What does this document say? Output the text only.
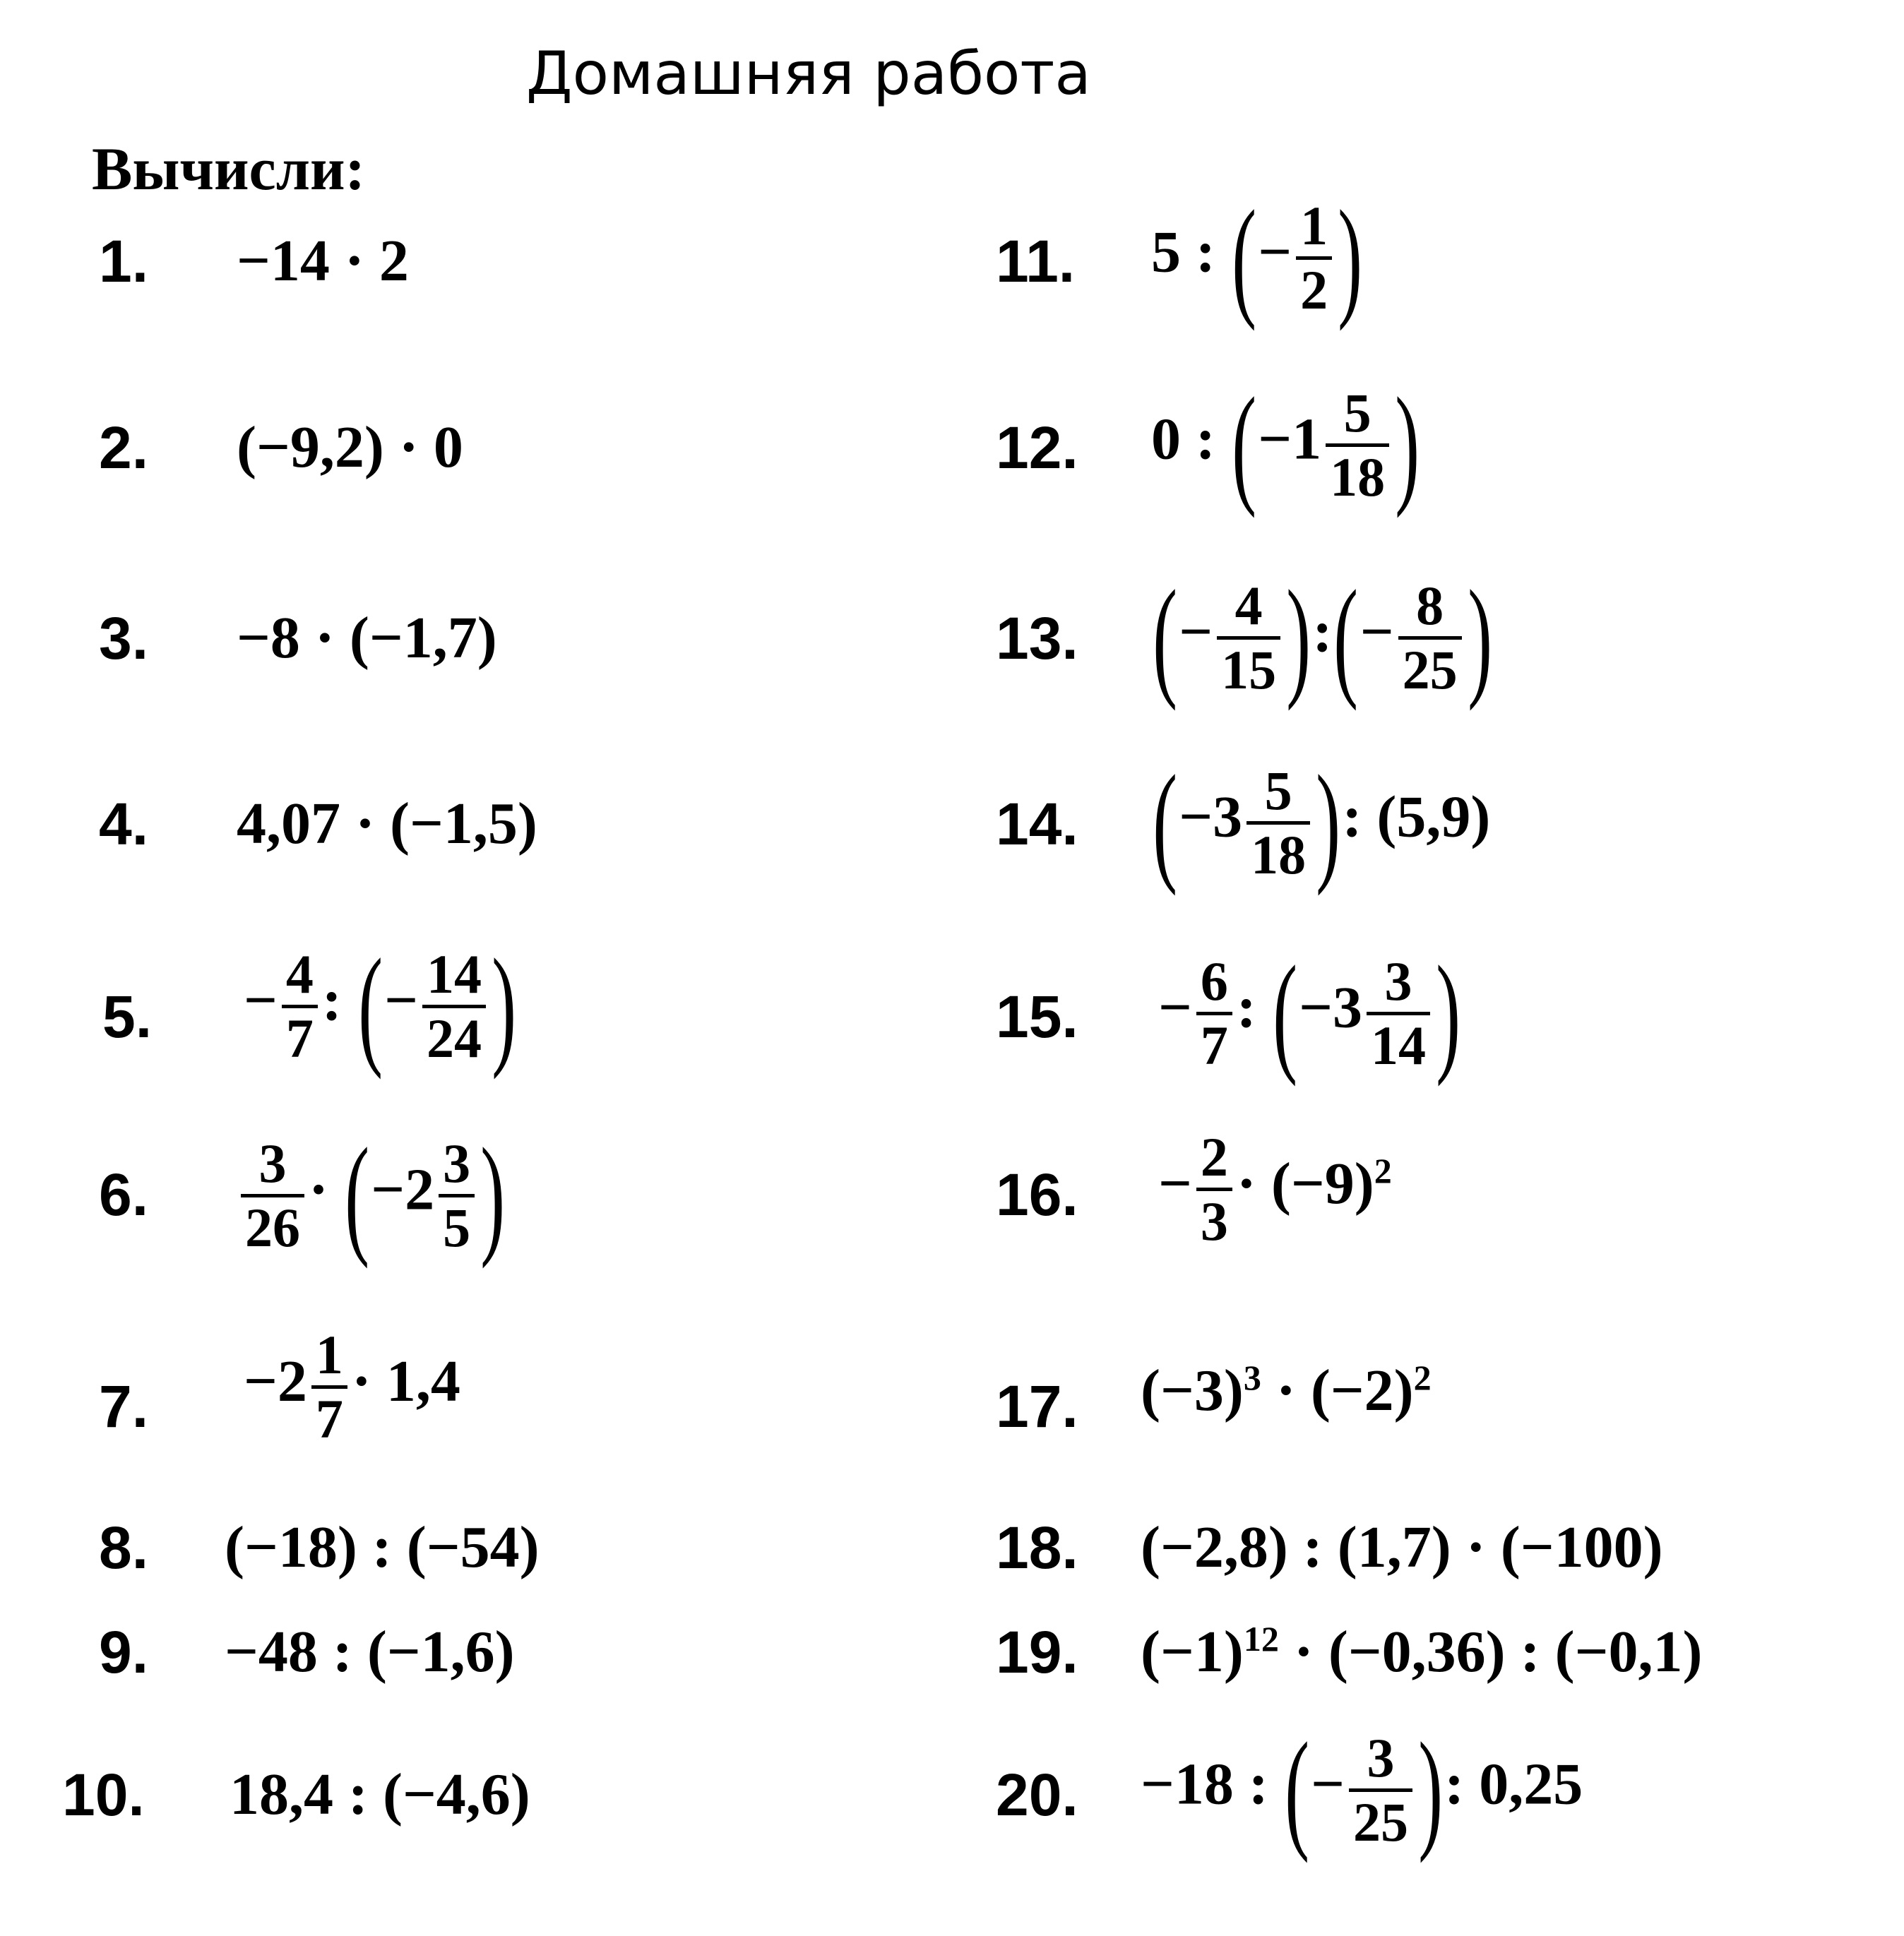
Домашняя работа
Вычисли:
1. −14 · 2
2. (−9,2) · 0
3. −8 · (−1,7)
4. 4,07 · (−1,5)
5. − $\frac{4}{7}$ : (− $\frac{14}{24}$ )
6. $\frac{3}{26} \cdot (-2 \frac{3}{5}$ )
7. $-2 \frac{1}{7} \cdot 1,4$
8. (−18) : (−54)
9. −48 : (−1,6)
10. 18,4 : (−4,6)
11. 5 : (− $\frac{1}{2}$ )
12. 0 : ($-1 \frac{5}{18}$ )
13. (− $\frac{4}{15}$ ):(− $\frac{8}{25}$ )
14. ($-3 \frac{5}{18}$ ): (5,9)
15. − $\frac{6}{7}$ : ($-3 \frac{3}{14}$ )
16. − $\frac{2}{3} \cdot (-9)^2$
17. $(-3)^3 \cdot (-2)^2$
18. (−2,8) : (1,7) · (−100)
19. $(-1)^{12} \cdot (-0,36)$ : (−0,1)
20. −18 : (− $\frac{3}{25}$ ): 0,25
